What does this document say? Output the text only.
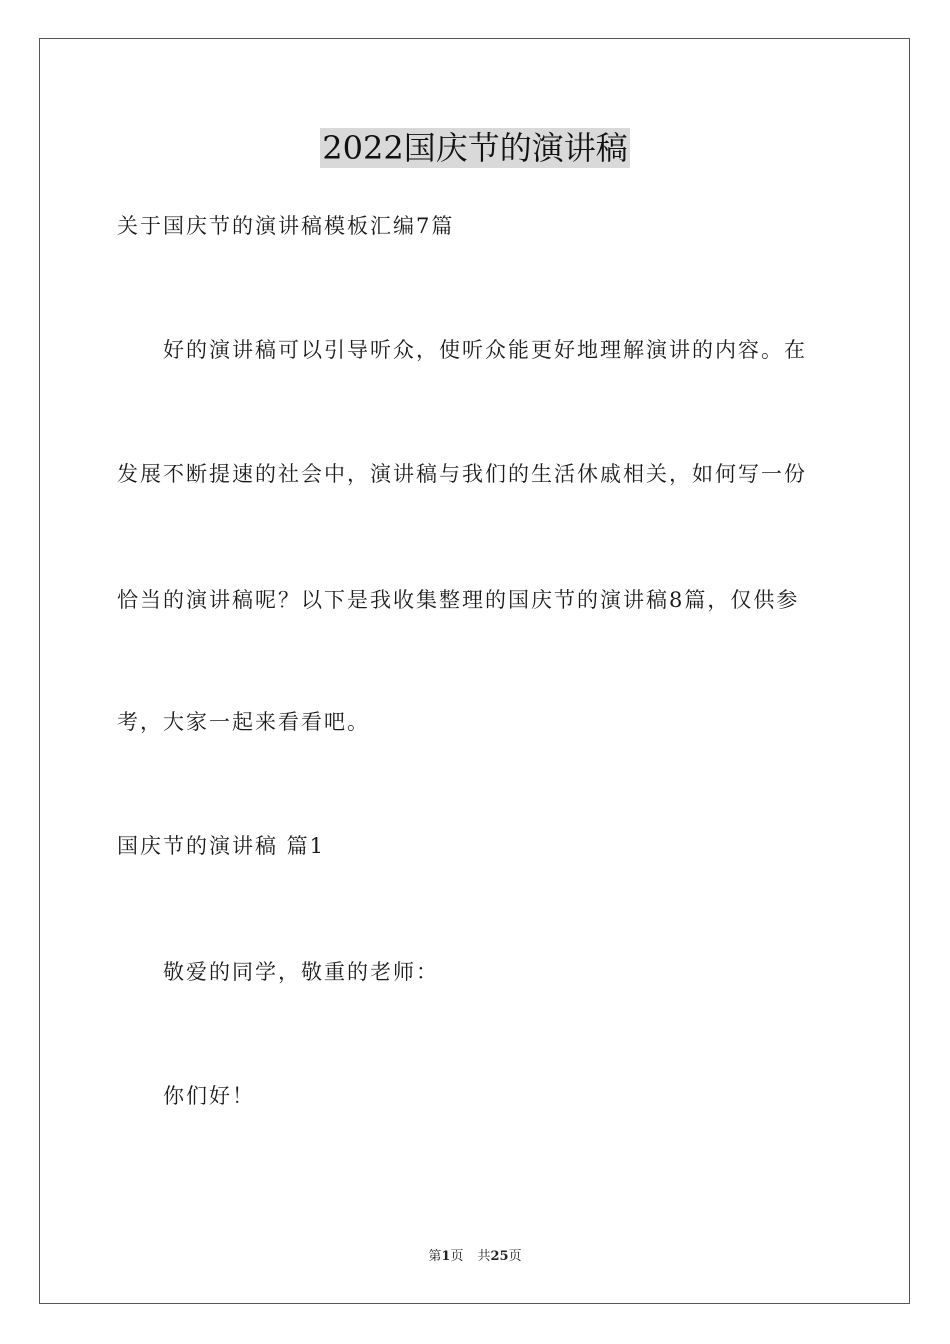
2022国庆节的演讲稿
关于国庆节的演讲稿模板汇编7篇
好的演讲稿可以引导听众，使听众能更好地理解演讲的内容。在
发展不断提速的社会中，演讲稿与我们的生活休戚相关，如何写一份
恰当的演讲稿呢？以下是我收集整理的国庆节的演讲稿8篇，仅供参
考，大家一起来看看吧。
国庆节的演讲稿 篇1
敬爱的同学，敬重的老师：
你们好！
第1页 共25页
